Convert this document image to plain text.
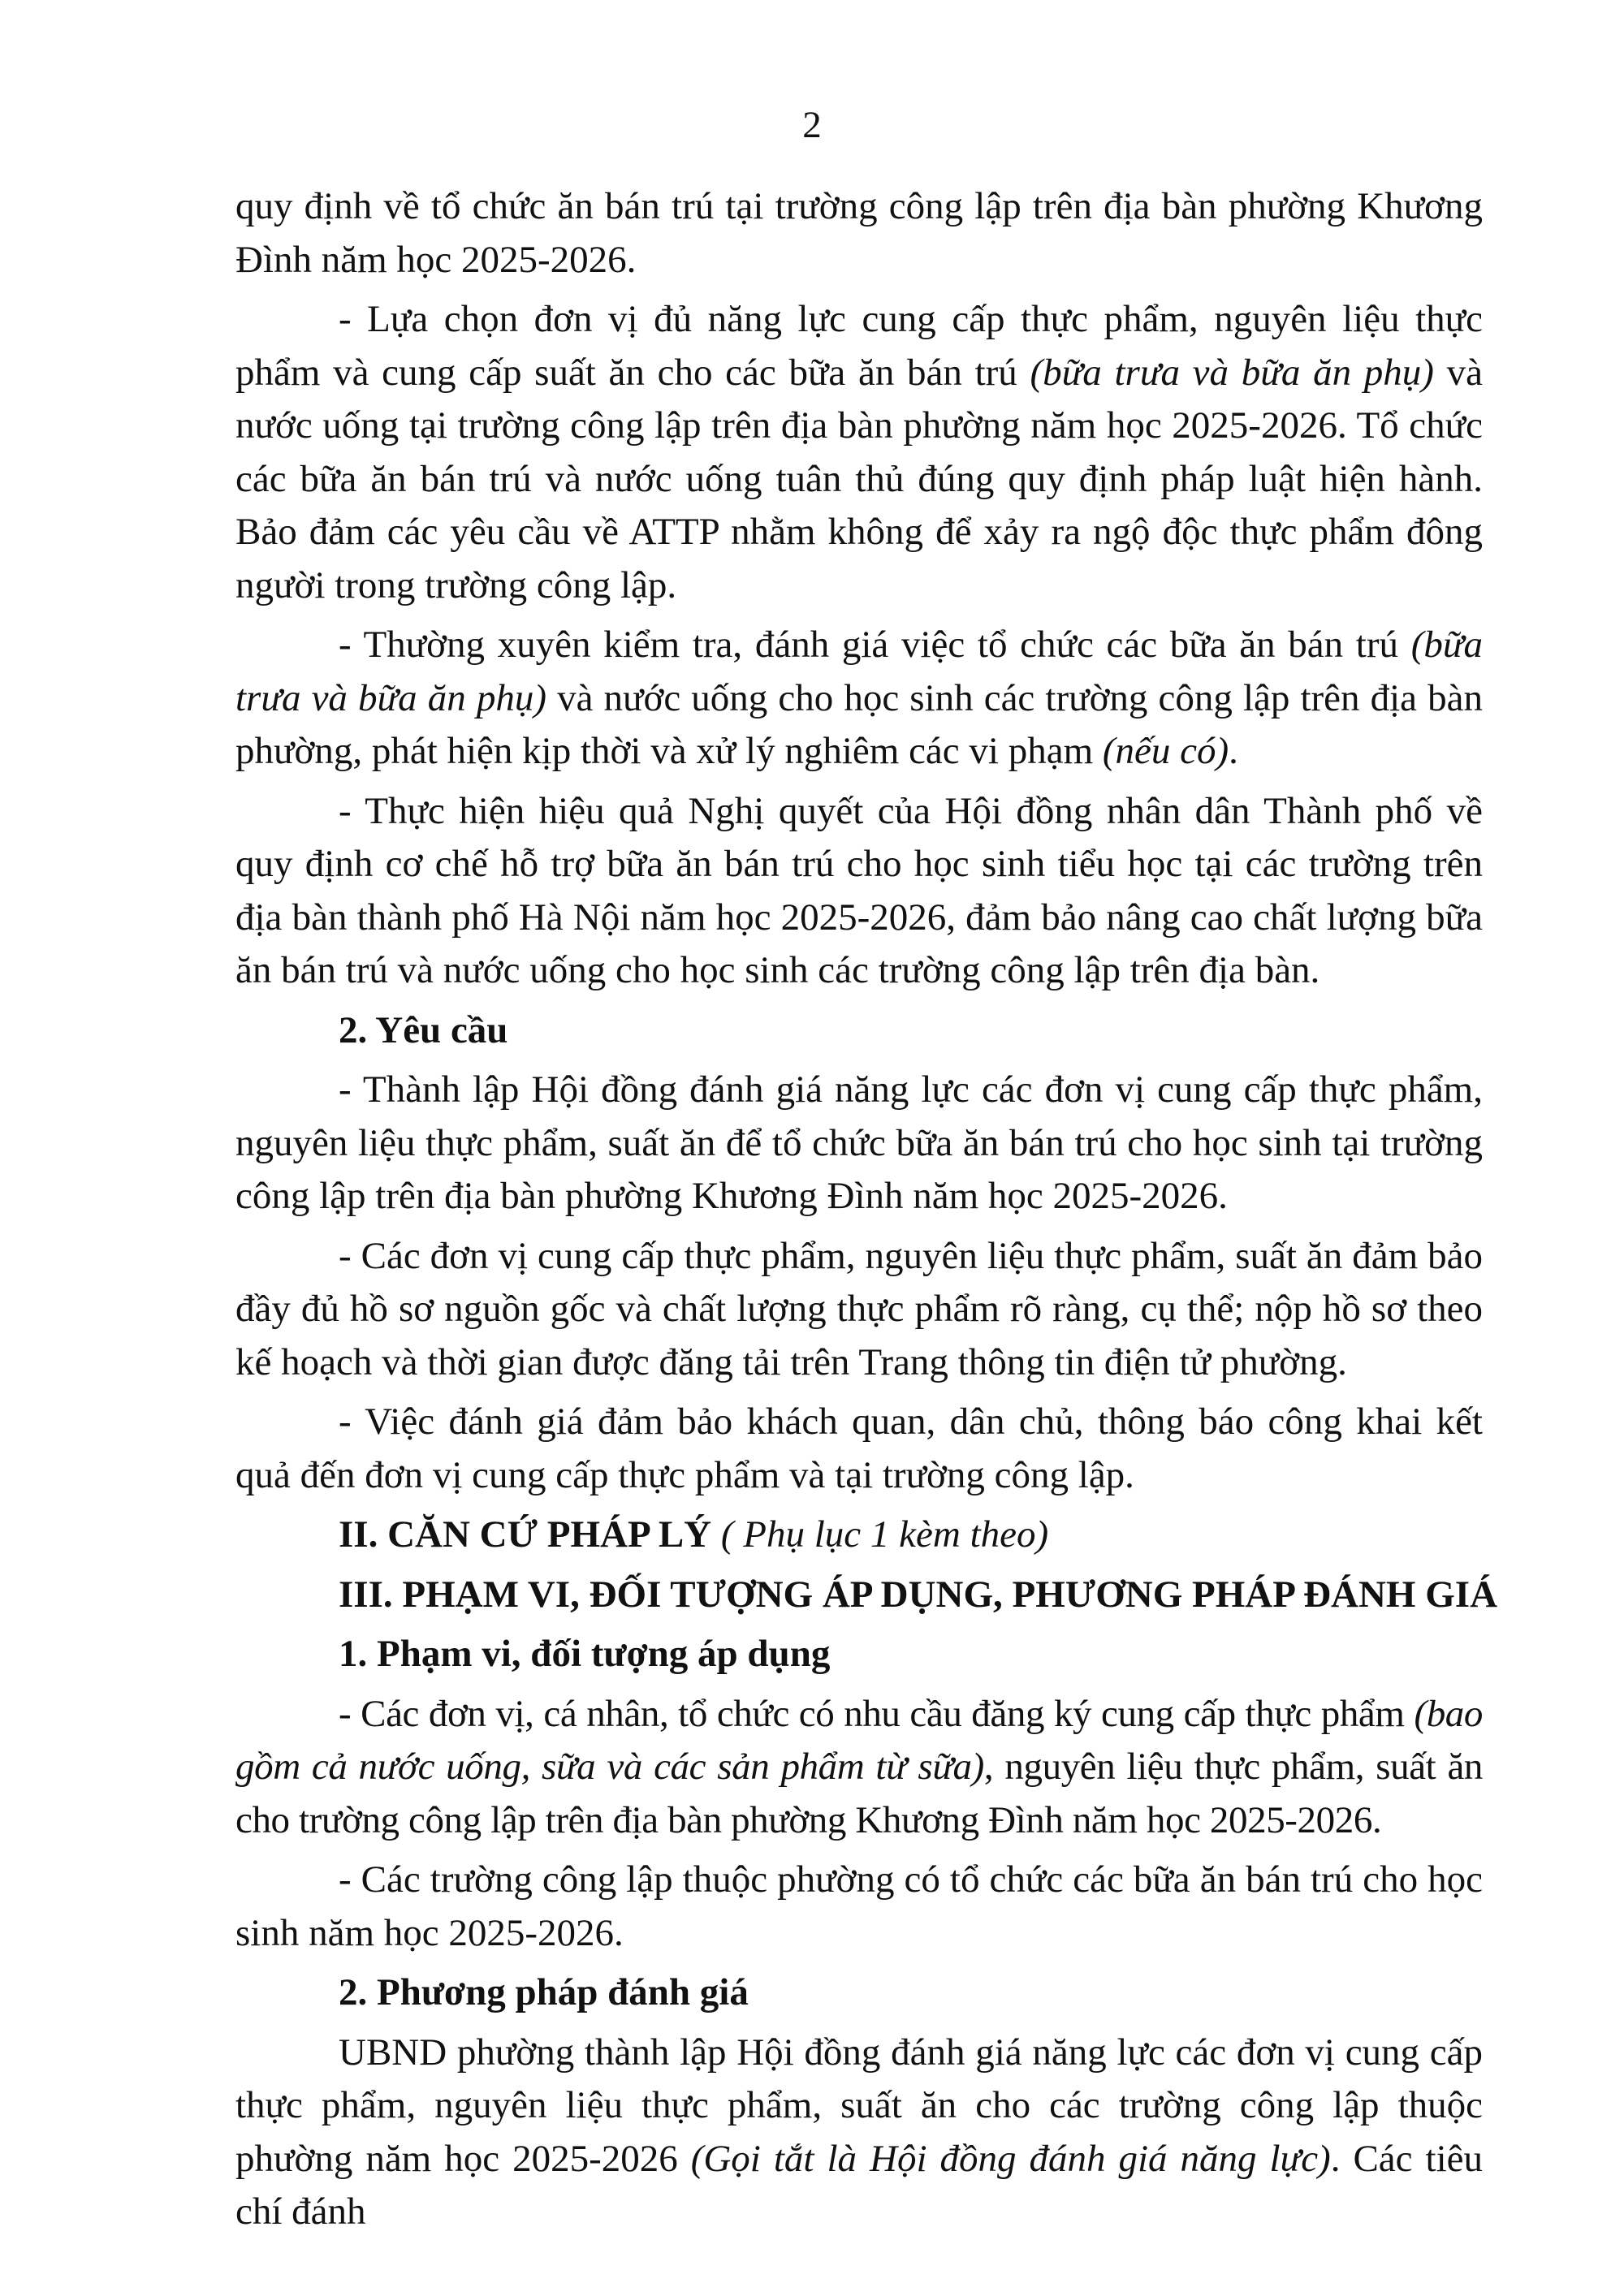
2

quy định về tổ chức ăn bán trú tại trường công lập trên địa bàn phường Khương Đình năm học 2025-2026.

- Lựa chọn đơn vị đủ năng lực cung cấp thực phẩm, nguyên liệu thực phẩm và cung cấp suất ăn cho các bữa ăn bán trú (bữa trưa và bữa ăn phụ) và nước uống tại trường công lập trên địa bàn phường năm học 2025-2026. Tổ chức các bữa ăn bán trú và nước uống tuân thủ đúng quy định pháp luật hiện hành. Bảo đảm các yêu cầu về ATTP nhằm không để xảy ra ngộ độc thực phẩm đông người trong trường công lập.

- Thường xuyên kiểm tra, đánh giá việc tổ chức các bữa ăn bán trú (bữa trưa và bữa ăn phụ) và nước uống cho học sinh các trường công lập trên địa bàn phường, phát hiện kịp thời và xử lý nghiêm các vi phạm (nếu có).

- Thực hiện hiệu quả Nghị quyết của Hội đồng nhân dân Thành phố về quy định cơ chế hỗ trợ bữa ăn bán trú cho học sinh tiểu học tại các trường trên địa bàn thành phố Hà Nội năm học 2025-2026, đảm bảo nâng cao chất lượng bữa ăn bán trú và nước uống cho học sinh các trường công lập trên địa bàn.

2. Yêu cầu

- Thành lập Hội đồng đánh giá năng lực các đơn vị cung cấp thực phẩm, nguyên liệu thực phẩm, suất ăn để tổ chức bữa ăn bán trú cho học sinh tại trường công lập trên địa bàn phường Khương Đình năm học 2025-2026.

- Các đơn vị cung cấp thực phẩm, nguyên liệu thực phẩm, suất ăn đảm bảo đầy đủ hồ sơ nguồn gốc và chất lượng thực phẩm rõ ràng, cụ thể; nộp hồ sơ theo kế hoạch và thời gian được đăng tải trên Trang thông tin điện tử phường.

- Việc đánh giá đảm bảo khách quan, dân chủ, thông báo công khai kết quả đến đơn vị cung cấp thực phẩm và tại trường công lập.

II. CĂN CỨ PHÁP LÝ ( Phụ lục 1 kèm theo)

III. PHẠM VI, ĐỐI TƯỢNG ÁP DỤNG, PHƯƠNG PHÁP ĐÁNH GIÁ

1. Phạm vi, đối tượng áp dụng

- Các đơn vị, cá nhân, tổ chức có nhu cầu đăng ký cung cấp thực phẩm (bao gồm cả nước uống, sữa và các sản phẩm từ sữa), nguyên liệu thực phẩm, suất ăn cho trường công lập trên địa bàn phường Khương Đình năm học 2025-2026.

- Các trường công lập thuộc phường có tổ chức các bữa ăn bán trú cho học sinh năm học 2025-2026.

2. Phương pháp đánh giá

UBND phường thành lập Hội đồng đánh giá năng lực các đơn vị cung cấp thực phẩm, nguyên liệu thực phẩm, suất ăn cho các trường công lập thuộc phường năm học 2025-2026 (Gọi tắt là Hội đồng đánh giá năng lực). Các tiêu chí đánh
